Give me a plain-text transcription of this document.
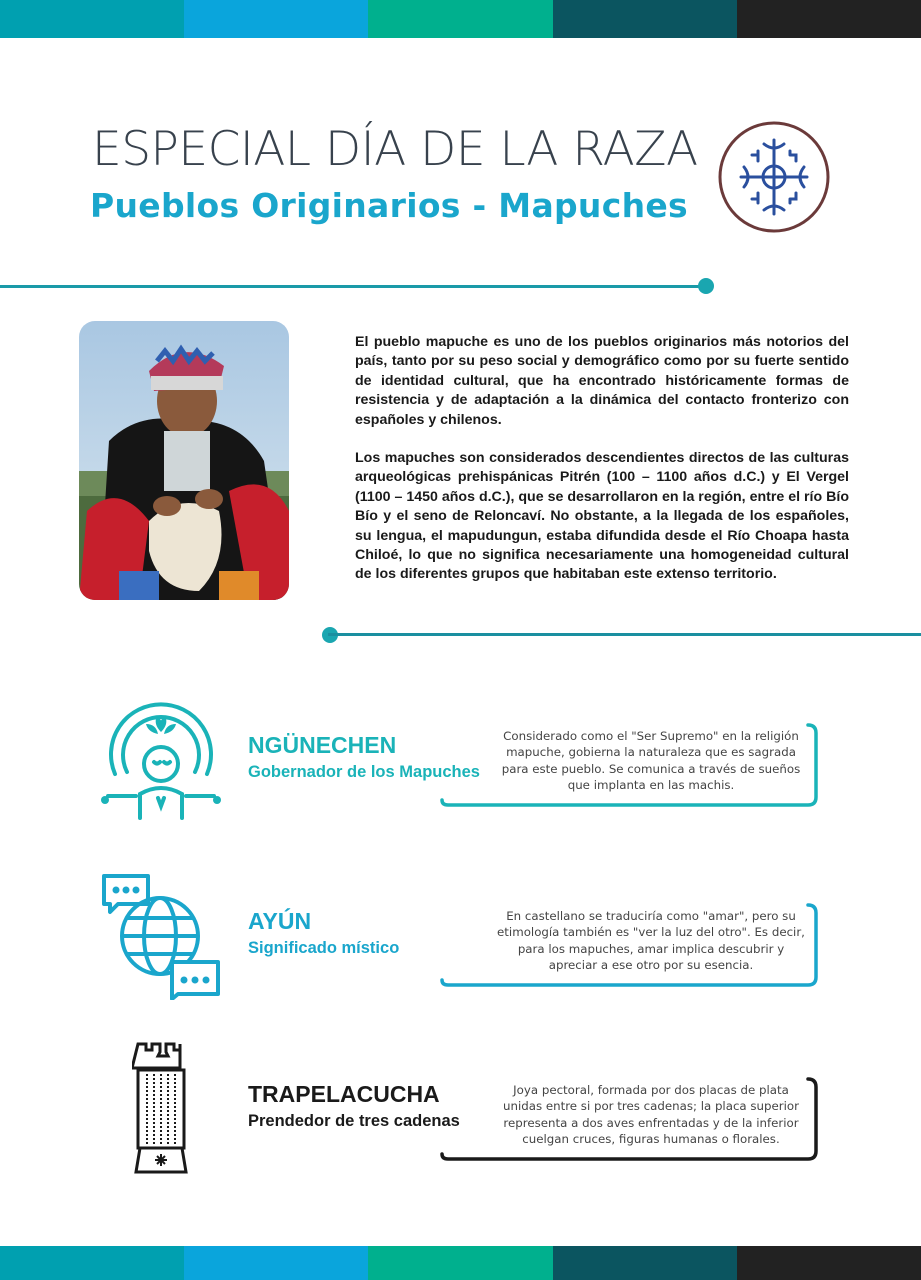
ESPECIAL DÍA DE LA RAZA
Pueblos Originarios - Mapuches

El pueblo mapuche es uno de los pueblos originarios más notorios del país, tanto por su peso social y demográfico como por su fuerte sentido de identidad cultural, que ha encontrado históricamente formas de resistencia y de adaptación a la dinámica del contacto fronterizo con españoles y chilenos.

Los mapuches son considerados descendientes directos de las culturas arqueológicas prehispánicas Pitrén (100 – 1100 años d.C.) y El Vergel (1100 – 1450 años d.C.), que se desarrollaron en la región, entre el río Bío Bío y el seno de Reloncaví. No obstante, a la llegada de los españoles, su lengua, el mapudungun, estaba difundida desde el Río Choapa hasta Chiloé, lo que no significa necesariamente una homogeneidad cultural de los diferentes grupos que habitaban este extenso territorio.

NGÜNECHEN
Gobernador de los Mapuches
Considerado como el "Ser Supremo" en la religión mapuche, gobierna la naturaleza que es sagrada para este pueblo. Se comunica a través de sueños que implanta en las machis.
AYÚN
Significado místico
En castellano se traduciría como "amar", pero su etimología también es "ver la luz del otro". Es decir, para los mapuches, amar implica descubrir y apreciar a ese otro por su esencia.
TRAPELACUCHA
Prendedor de tres cadenas
Joya pectoral, formada por dos placas de plata unidas entre si por tres cadenas; la placa superior representa a dos aves enfrentadas y de la inferior cuelgan cruces, figuras humanas o florales.
